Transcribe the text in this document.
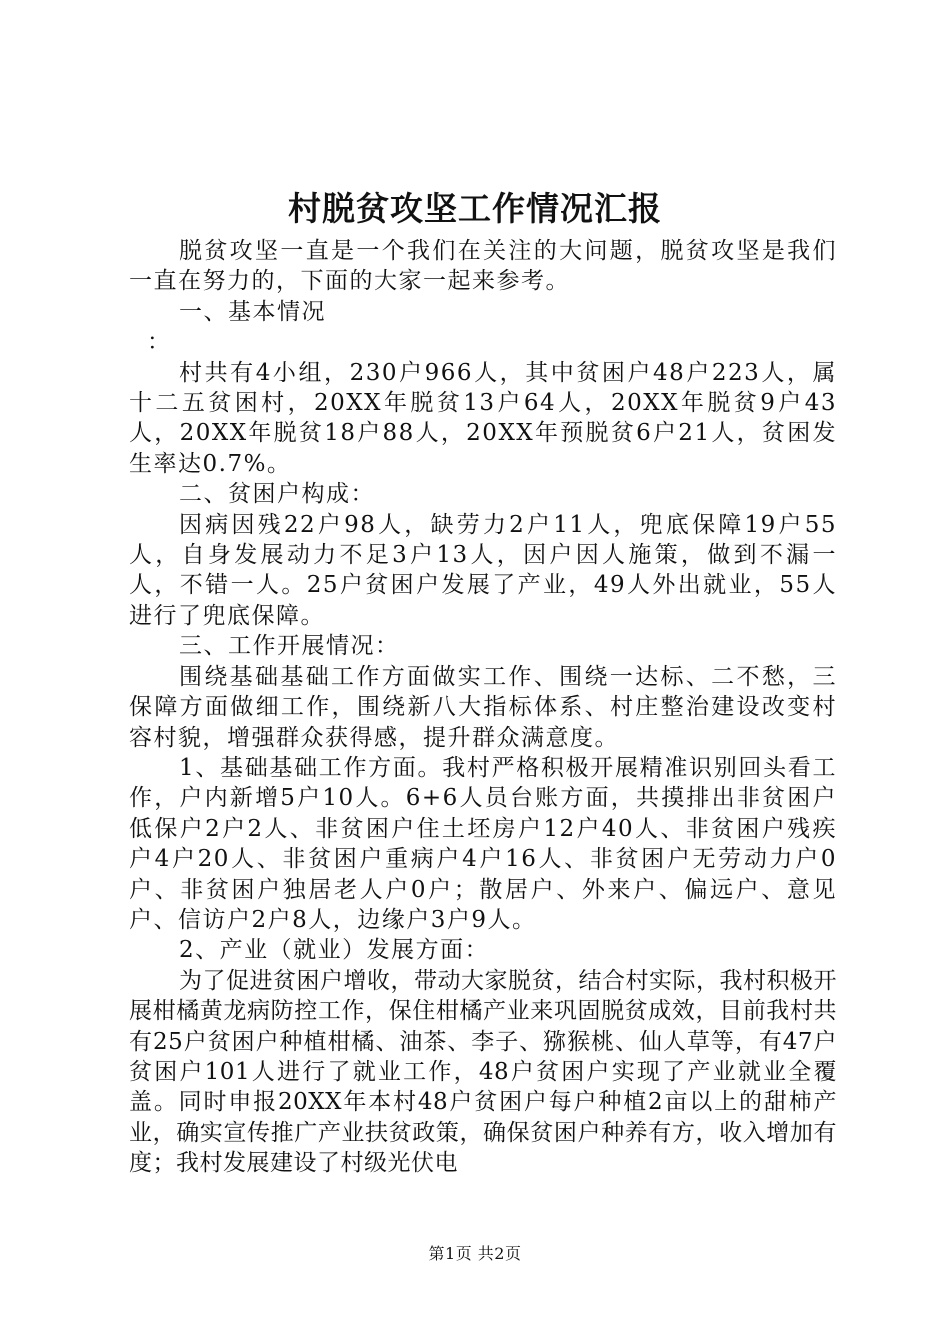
村脱贫攻坚工作情况汇报

脱贫攻坚一直是一个我们在关注的大问题，脱贫攻坚是我们一直在努力的，下面的大家一起来参考。

一、基本情况

：

村共有4小组，230户966人，其中贫困户48户223人，属十二五贫困村，20XX年脱贫13户64人，20XX年脱贫9户43人，20XX年脱贫18户88人，20XX年预脱贫6户21人，贫困发生率达0.7%。

二、贫困户构成：

因病因残22户98人，缺劳力2户11人，兜底保障19户55人，自身发展动力不足3户13人，因户因人施策，做到不漏一人，不错一人。25户贫困户发展了产业，49人外出就业，55人进行了兜底保障。

三、工作开展情况：

围绕基础基础工作方面做实工作、围绕一达标、二不愁，三保障方面做细工作，围绕新八大指标体系、村庄整治建设改变村容村貌，增强群众获得感，提升群众满意度。

1、基础基础工作方面。我村严格积极开展精准识别回头看工作，户内新增5户10人。6+6人员台账方面，共摸排出非贫困户低保户2户2人、非贫困户住土坯房户12户40人、非贫困户残疾户4户20人、非贫困户重病户4户16人、非贫困户无劳动力户0户、非贫困户独居老人户0户；散居户、外来户、偏远户、意见户、信访户2户8人，边缘户3户9人。

2、产业（就业）发展方面：

为了促进贫困户增收，带动大家脱贫，结合村实际，我村积极开展柑橘黄龙病防控工作，保住柑橘产业来巩固脱贫成效，目前我村共有25户贫困户种植柑橘、油茶、李子、猕猴桃、仙人草等，有47户贫困户101人进行了就业工作，48户贫困户实现了产业就业全覆盖。同时申报20XX年本村48户贫困户每户种植2亩以上的甜柿产业，确实宣传推广产业扶贫政策，确保贫困户种养有方，收入增加有度；我村发展建设了村级光伏电

第1页 共2页
